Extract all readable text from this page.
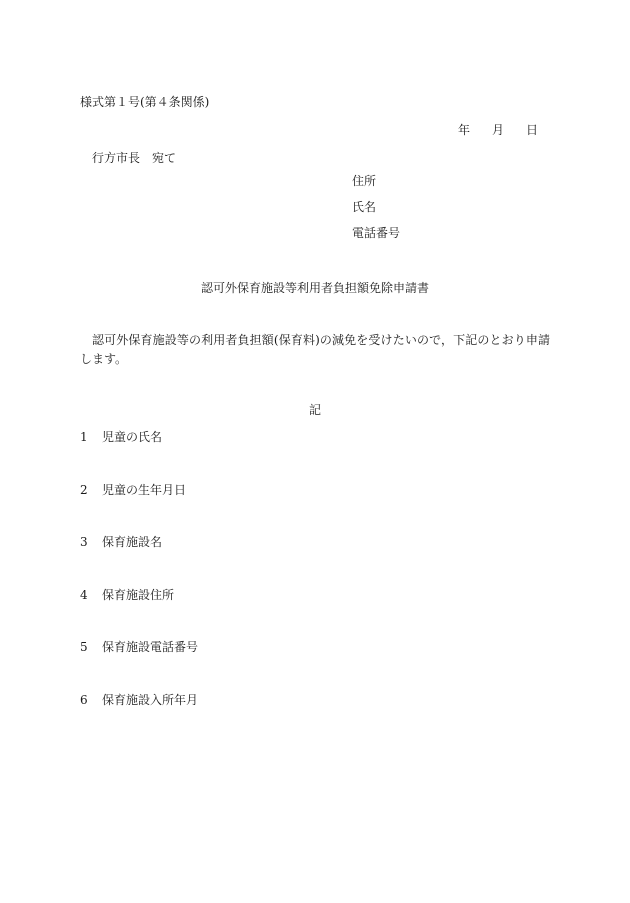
様式第１号(第４条関係)
年 月 日
行方市長 宛て
住所
氏名
電話番号
認可外保育施設等利用者負担額免除申請書
認可外保育施設等の利用者負担額(保育料)の減免を受けたいので，下記のとおり申請します。
記
1 児童の氏名
2 児童の生年月日
3 保育施設名
4 保育施設住所
5 保育施設電話番号
6 保育施設入所年月
